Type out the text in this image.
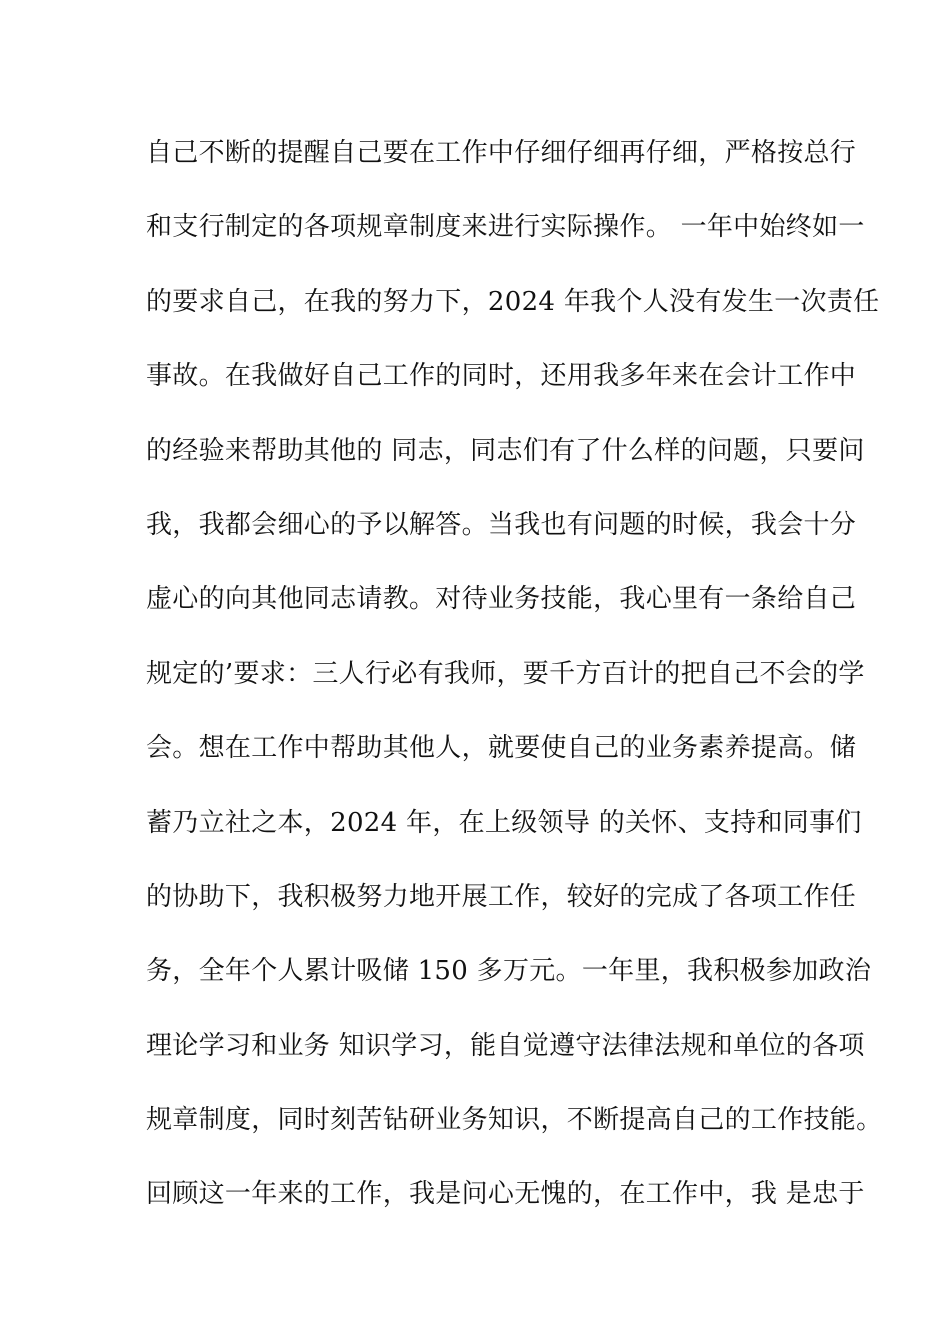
自己不断的提醒自己要在工作中仔细仔细再仔细，严格按总行
和支行制定的各项规章制度来进行实际操作。 一年中始终如一
的要求自己，在我的努力下，2024 年我个人没有发生一次责任
事故。在我做好自己工作的同时，还用我多年来在会计工作中
的经验来帮助其他的 同志，同志们有了什么样的问题，只要问
我，我都会细心的予以解答。当我也有问题的时候，我会十分
虚心的向其他同志请教。对待业务技能，我心里有一条给自己
规定的’要求：三人行必有我师，要千方百计的把自己不会的学
会。想在工作中帮助其他人，就要使自己的业务素养提高。储
蓄乃立社之本，2024 年，在上级领导 的关怀、支持和同事们
的协助下，我积极努力地开展工作，较好的完成了各项工作任
务，全年个人累计吸储 150 多万元。一年里，我积极参加政治
理论学习和业务 知识学习，能自觉遵守法律法规和单位的各项
规章制度，同时刻苦钻研业务知识，不断提高自己的工作技能。
回顾这一年来的工作，我是问心无愧的，在工作中，我 是忠于
